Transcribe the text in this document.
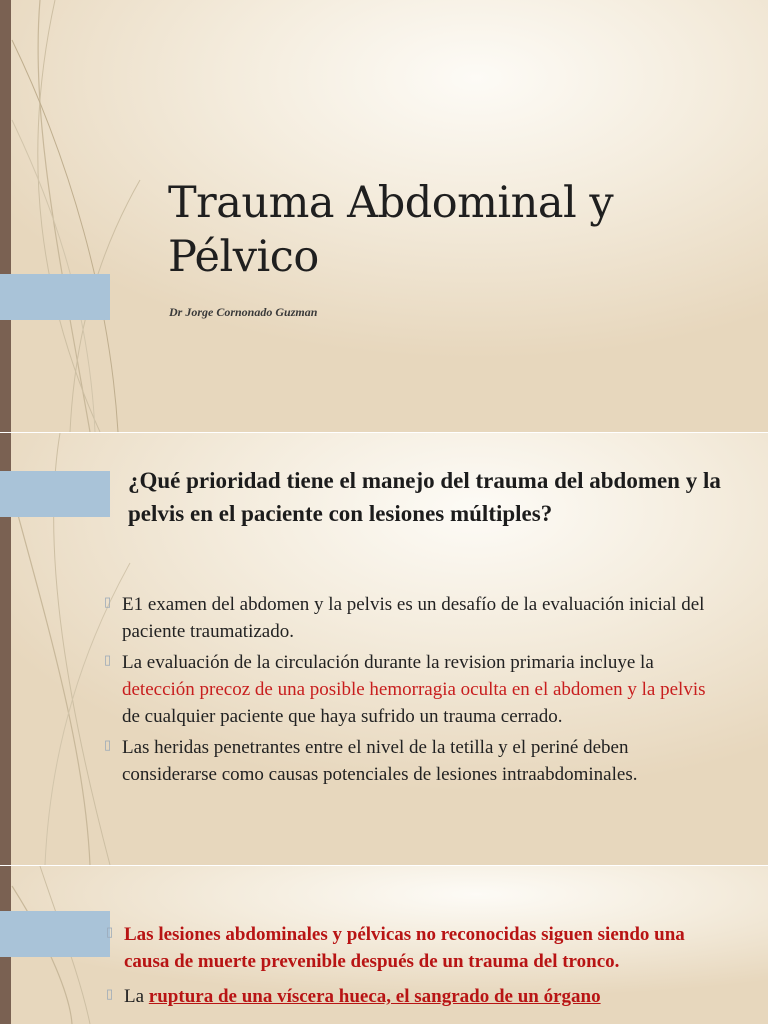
Trauma Abdominal y Pélvico
Dr Jorge Cornonado Guzman
¿Qué prioridad tiene el manejo del trauma del abdomen y la pelvis en el paciente con lesiones múltiples?
▯ E1 examen del abdomen y la pelvis es un desafío de la evaluación inicial del paciente traumatizado.
▯ La evaluación de la circulación durante la revision primaria incluye la detección precoz de una posible hemorragia oculta en el abdomen y la pelvis de cualquier paciente que haya sufrido un trauma cerrado.
▯ Las heridas penetrantes entre el nivel de la tetilla y el periné deben considerarse como causas potenciales de lesiones intraabdominales.
▯ Las lesiones abdominales y pélvicas no reconocidas siguen siendo una causa de muerte prevenible después de un trauma del tronco.
▯ La ruptura de una víscera hueca, el sangrado de un órgano
